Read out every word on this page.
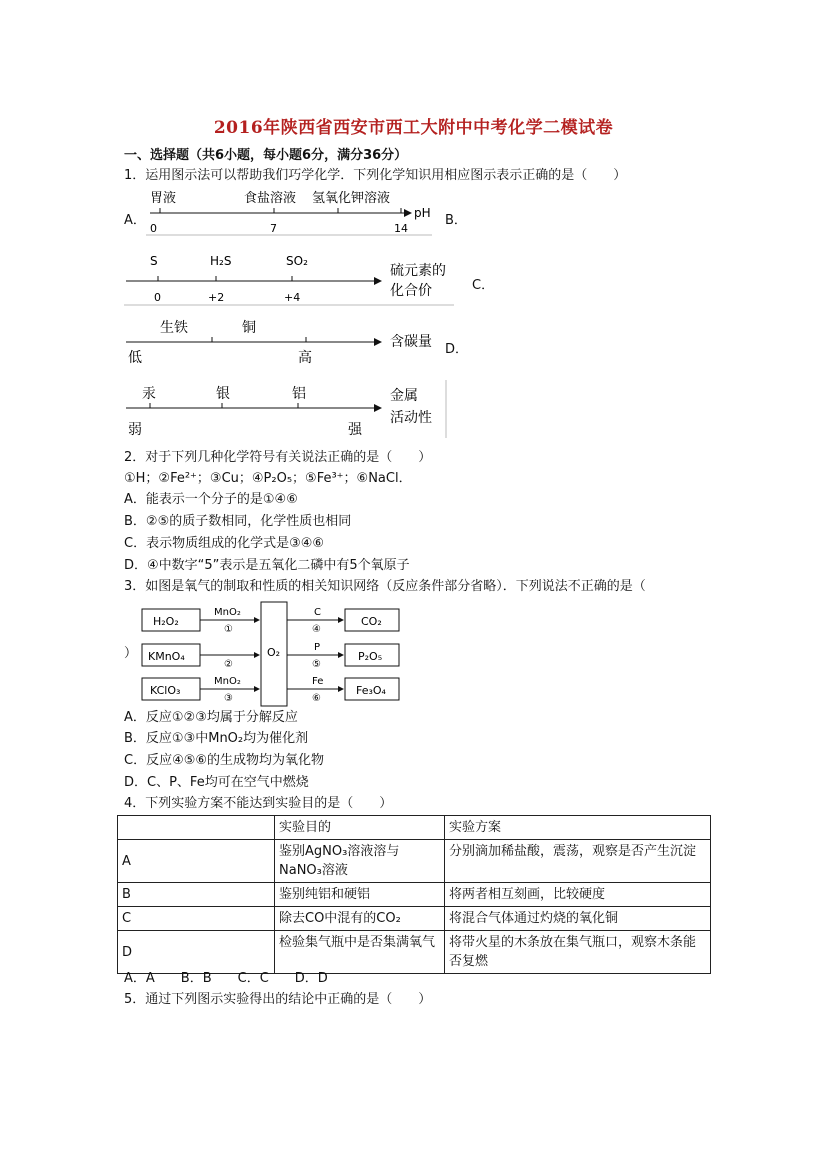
2016年陕西省西安市西工大附中中考化学二模试卷
一、选择题（共6小题，每小题6分，满分36分）
1．运用图示法可以帮助我们巧学化学．下列化学知识用相应图示表示正确的是（　　）
A．
胃液	食盐溶液 氢氧化钾溶液
0	7	14
pH B．
S	H₂S	SO₂
0	+2	+4
硫元素的
化合价	C．
生铁	铜
低	高
含碳量 D．
汞	银	铝
弱	强
金属
活动性
2．对于下列几种化学符号有关说法正确的是（　　）
①H；②Fe²⁺；③Cu；④P₂O₅；⑤Fe³⁺；⑥NaCl．
A．能表示一个分子的是①④⑥
B．②⑤的质子数相同，化学性质也相同
C．表示物质组成的化学式是③④⑥
D．④中数字“5”表示是五氧化二磷中有5个氧原子
3．如图是氧气的制取和性质的相关知识网络（反应条件部分省略）．下列说法不正确的是（
）
H₂O₂
KMnO₄
KClO₃
MnO₂
MnO₂
①
②
③
O₂
C
P
Fe
④
⑤
⑥
CO₂
P₂O₅
Fe₃O₄
A．反应①②③均属于分解反应
B．反应①③中MnO₂均为催化剂
C．反应④⑤⑥的生成物均为氧化物
D．C、P、Fe均可在空气中燃烧
4．下列实验方案不能达到实验目的是（　　）
	实验目的	实验方案
A	鉴别AgNO₃溶液溶与NaNO₃溶液	分别滴加稀盐酸，震荡，观察是否产生沉淀
B	鉴别纯铝和硬铝	将两者相互刻画，比较硬度
C	除去CO中混有的CO₂	将混合气体通过灼烧的氧化铜
D	检验集气瓶中是否集满氧气	将带火星的木条放在集气瓶口，观察木条能否复燃
A．A　　B．B　　C．C　　D．D
5．通过下列图示实验得出的结论中正确的是（　　）
